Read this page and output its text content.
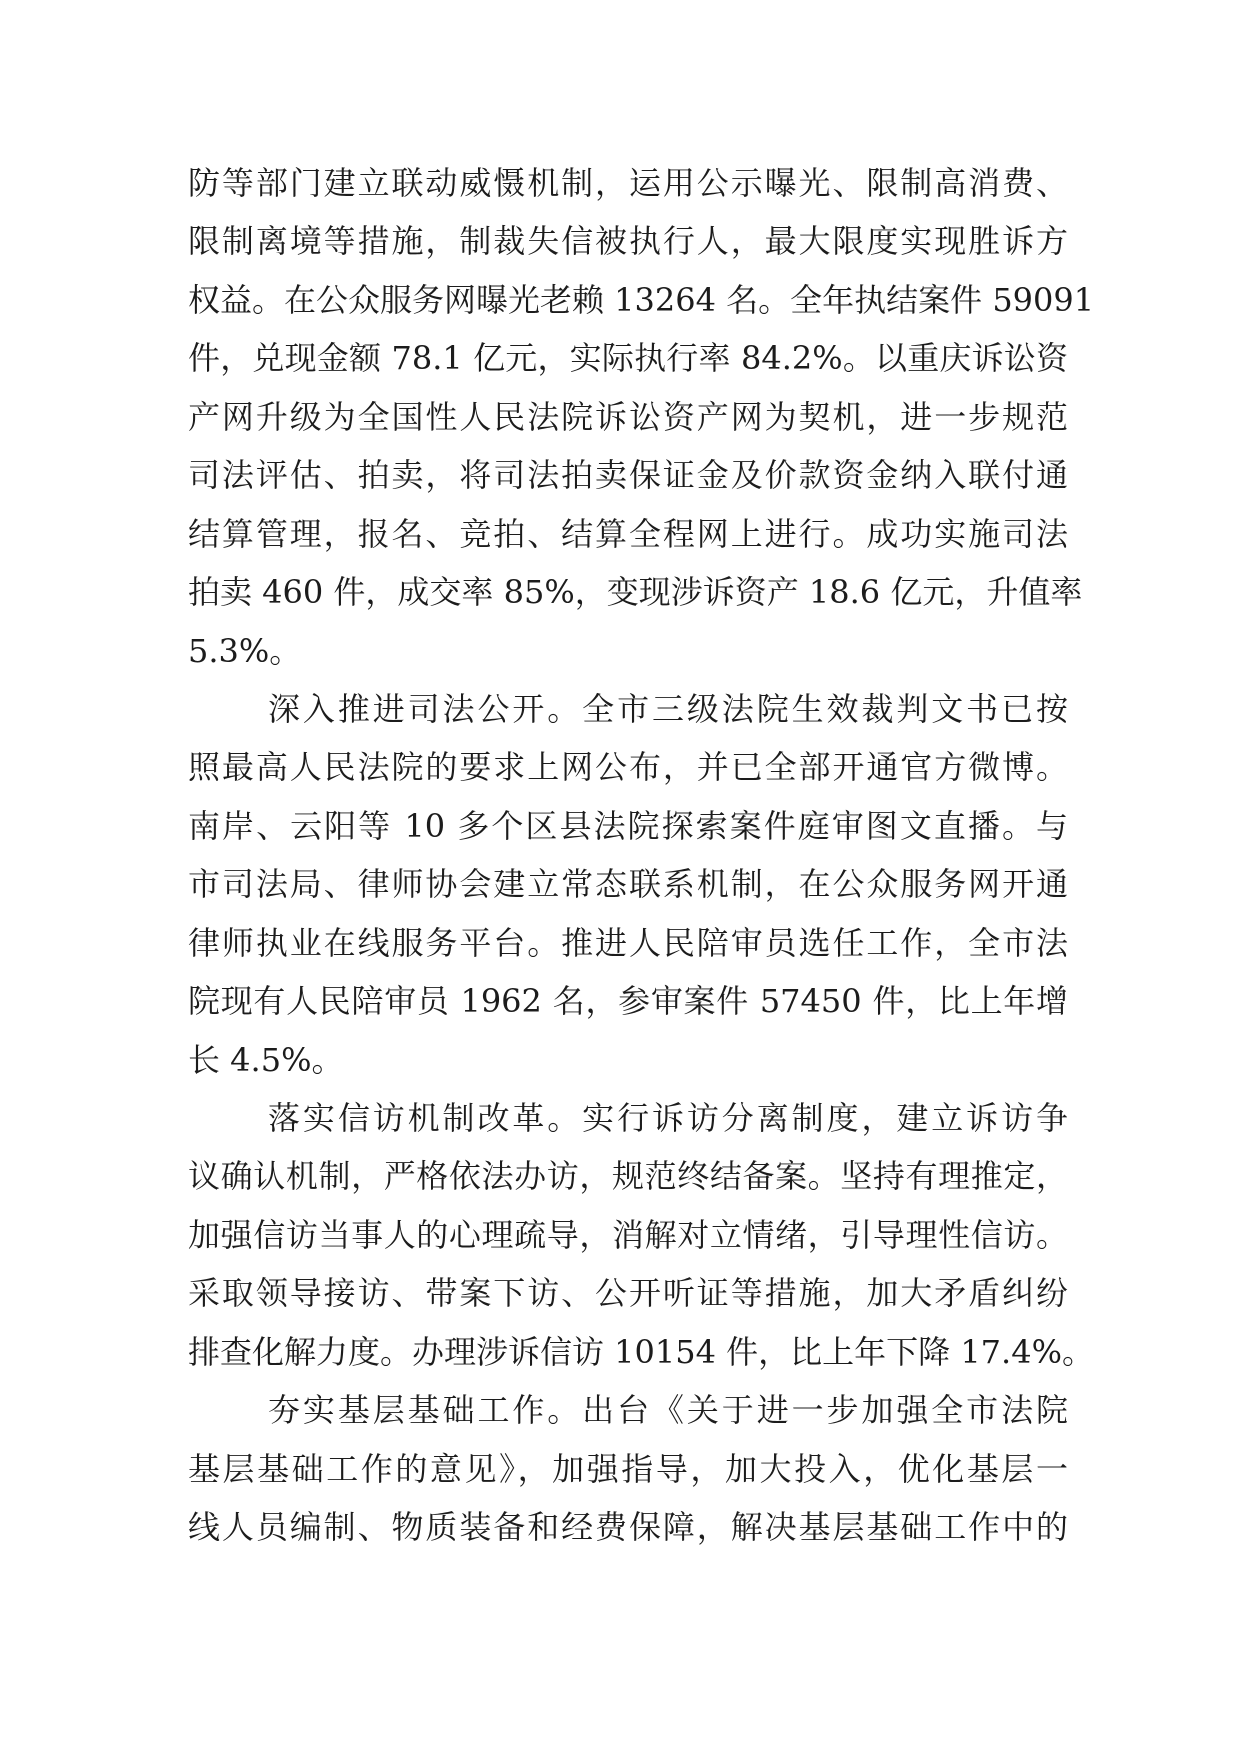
防等部门建立联动威慑机制，运用公示曝光、限制高消费、
限制离境等措施，制裁失信被执行人，最大限度实现胜诉方
权益。在公众服务网曝光老赖 13264 名。全年执结案件 59091
件，兑现金额 78.1 亿元，实际执行率 84.2%。以重庆诉讼资
产网升级为全国性人民法院诉讼资产网为契机，进一步规范
司法评估、拍卖，将司法拍卖保证金及价款资金纳入联付通
结算管理，报名、竞拍、结算全程网上进行。成功实施司法
拍卖 460 件，成交率 85%，变现涉诉资产 18.6 亿元，升值率
5.3%。
深入推进司法公开。全市三级法院生效裁判文书已按
照最高人民法院的要求上网公布，并已全部开通官方微博。
南岸、云阳等 10 多个区县法院探索案件庭审图文直播。与
市司法局、律师协会建立常态联系机制，在公众服务网开通
律师执业在线服务平台。推进人民陪审员选任工作，全市法
院现有人民陪审员 1962 名，参审案件 57450 件，比上年增
长 4.5%。
落实信访机制改革。实行诉访分离制度，建立诉访争
议确认机制，严格依法办访，规范终结备案。坚持有理推定，
加强信访当事人的心理疏导，消解对立情绪，引导理性信访。
采取领导接访、带案下访、公开听证等措施，加大矛盾纠纷
排查化解力度。办理涉诉信访 10154 件，比上年下降 17.4%。
夯实基层基础工作。出台《关于进一步加强全市法院
基层基础工作的意见》，加强指导，加大投入，优化基层一
线人员编制、物质装备和经费保障，解决基层基础工作中的
